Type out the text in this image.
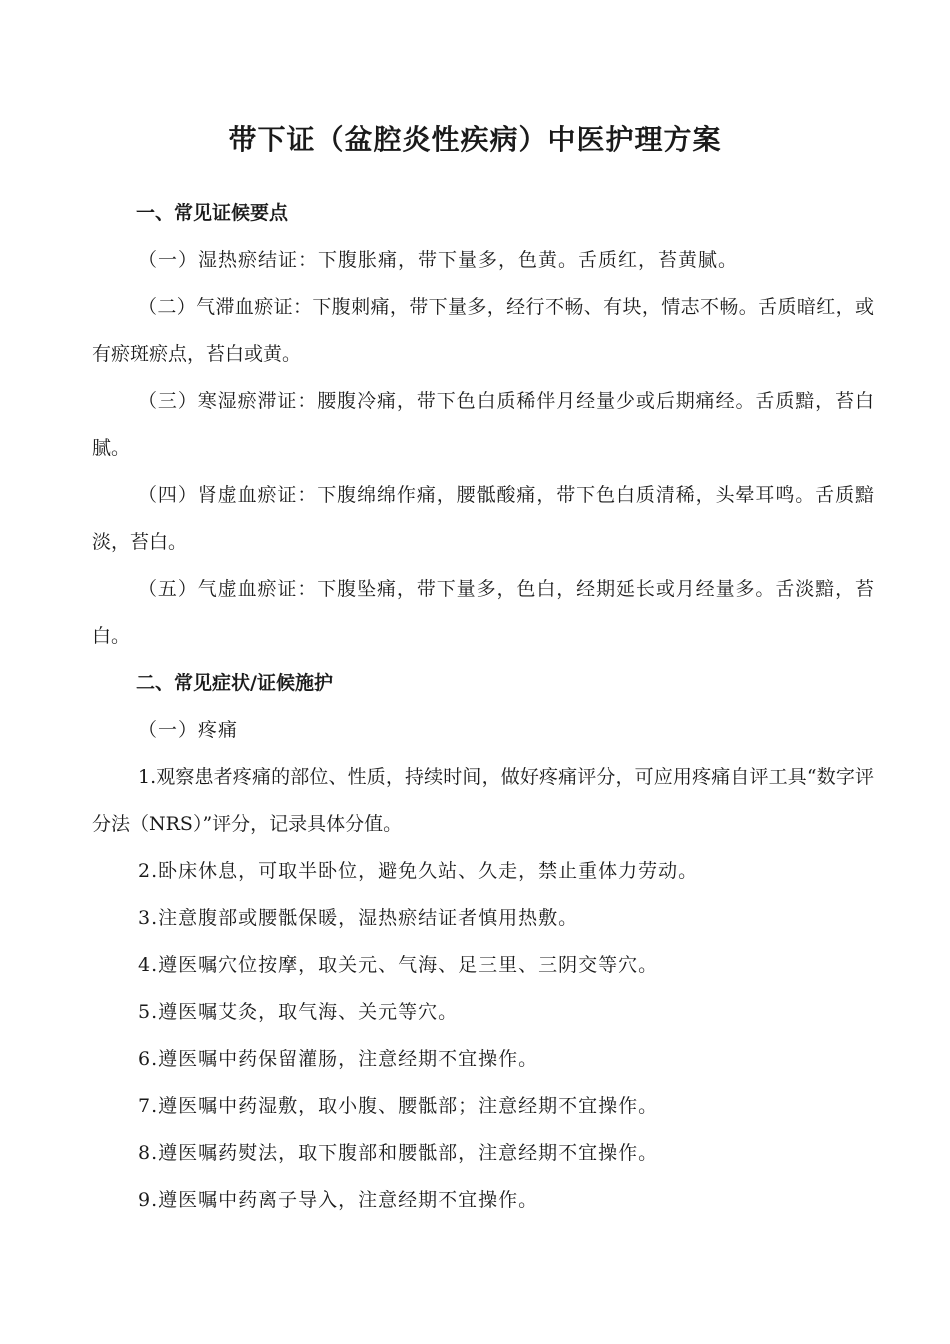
带下证（盆腔炎性疾病）中医护理方案

一、常见证候要点

（一）湿热瘀结证：下腹胀痛，带下量多，色黄。舌质红，苔黄腻。

（二）气滞血瘀证：下腹刺痛，带下量多，经行不畅、有块，情志不畅。舌质暗红，或有瘀斑瘀点，苔白或黄。

（三）寒湿瘀滞证：腰腹冷痛，带下色白质稀伴月经量少或后期痛经。舌质黯，苔白腻。

（四）肾虚血瘀证：下腹绵绵作痛，腰骶酸痛，带下色白质清稀，头晕耳鸣。舌质黯淡，苔白。

（五）气虚血瘀证：下腹坠痛，带下量多，色白，经期延长或月经量多。舌淡黯，苔白。

二、常见症状/证候施护

（一）疼痛

1.观察患者疼痛的部位、性质，持续时间，做好疼痛评分，可应用疼痛自评工具“数字评分法（NRS）”评分，记录具体分值。

2.卧床休息，可取半卧位，避免久站、久走，禁止重体力劳动。

3.注意腹部或腰骶保暖，湿热瘀结证者慎用热敷。

4.遵医嘱穴位按摩，取关元、气海、足三里、三阴交等穴。

5.遵医嘱艾灸，取气海、关元等穴。

6.遵医嘱中药保留灌肠，注意经期不宜操作。

7.遵医嘱中药湿敷，取小腹、腰骶部；注意经期不宜操作。

8.遵医嘱药熨法，取下腹部和腰骶部，注意经期不宜操作。

9.遵医嘱中药离子导入，注意经期不宜操作。
